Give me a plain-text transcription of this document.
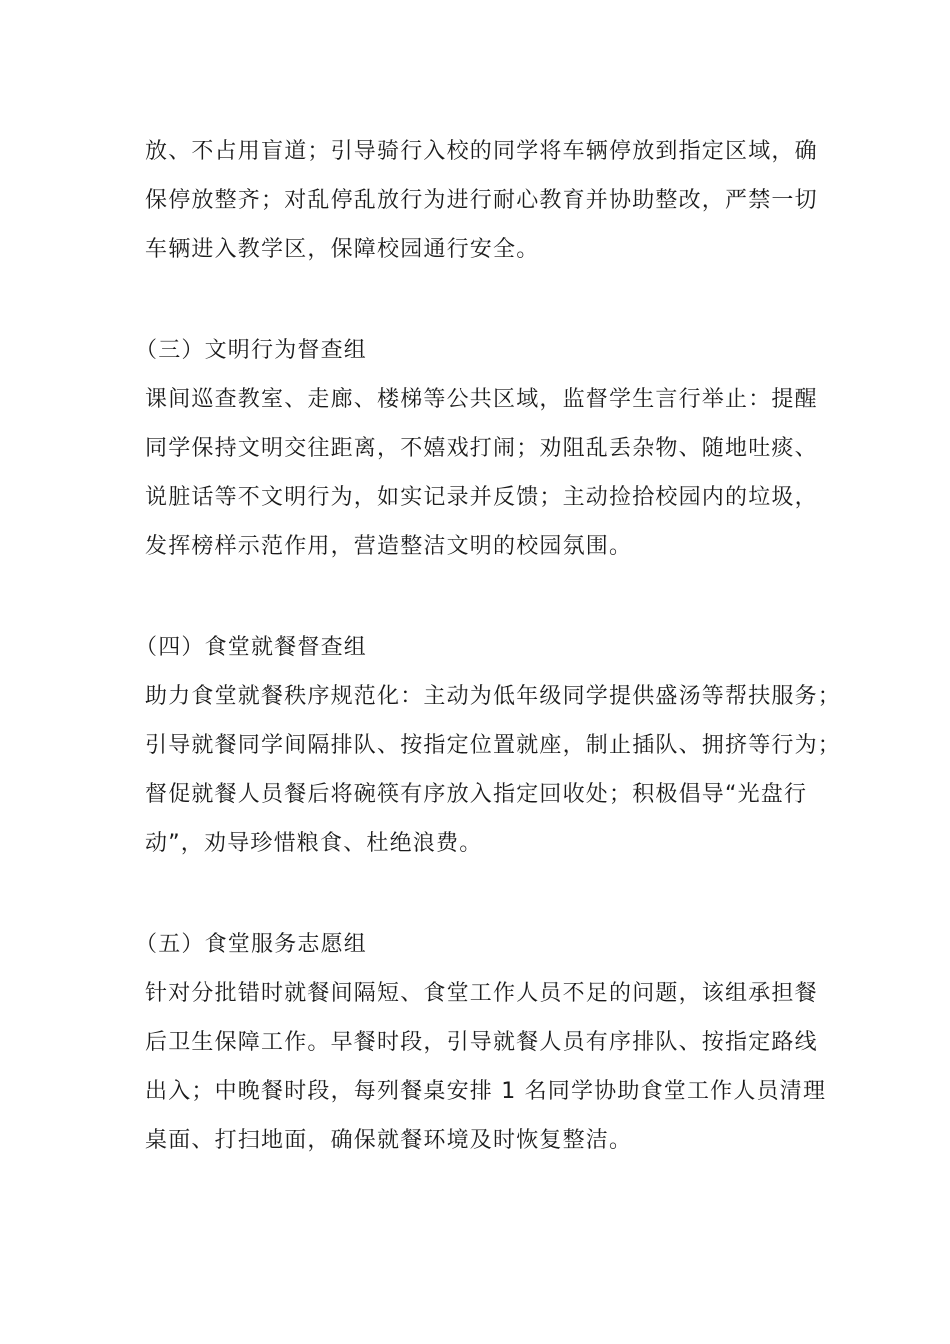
放、不占用盲道；引导骑行入校的同学将车辆停放到指定区域，确
保停放整齐；对乱停乱放行为进行耐心教育并协助整改，严禁一切
车辆进入教学区，保障校园通行安全。
（三）文明行为督查组
课间巡查教室、走廊、楼梯等公共区域，监督学生言行举止：提醒
同学保持文明交往距离，不嬉戏打闹；劝阻乱丢杂物、随地吐痰、
说脏话等不文明行为，如实记录并反馈；主动捡拾校园内的垃圾，
发挥榜样示范作用，营造整洁文明的校园氛围。
（四）食堂就餐督查组
助力食堂就餐秩序规范化：主动为低年级同学提供盛汤等帮扶服务；
引导就餐同学间隔排队、按指定位置就座，制止插队、拥挤等行为；
督促就餐人员餐后将碗筷有序放入指定回收处；积极倡导“光盘行
动”，劝导珍惜粮食、杜绝浪费。
（五）食堂服务志愿组
针对分批错时就餐间隔短、食堂工作人员不足的问题，该组承担餐
后卫生保障工作。早餐时段，引导就餐人员有序排队、按指定路线
出入；中晚餐时段，每列餐桌安排 1 名同学协助食堂工作人员清理
桌面、打扫地面，确保就餐环境及时恢复整洁。
